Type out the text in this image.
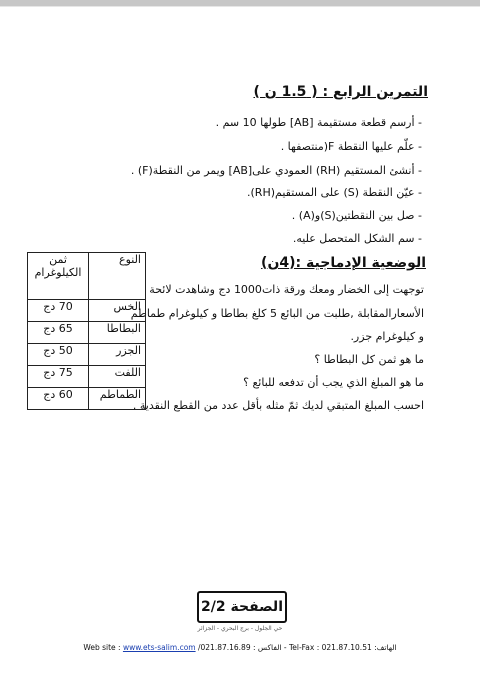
التمرين الرابع : ( 1.5 ن )
- أرسم قطعة مستقيمة [AB] طولها 10 سم .
- علّم عليها النقطة F(منتصفها .
- أنشئ المستقيم (RH) العمودي على[AB] ويمر من النقطة(F) .
- عيّن النقطة (S) على المستقيم(RH).
- صل بين النقطتين(S)و(A) .
- سم الشكل المتحصل عليه.
الوضعية الإدماجية :(4ن)
توجهت إلى الخضار ومعك ورقة ذات1000 دج وشاهدت لائحة
الأسعارالمقابلة ,طلبت من البائع 5 كلغ بطاطا و كيلوغرام طماطم
و كيلوغرام جزر.
ما هو ثمن كل البطاطا ؟
ما هو المبلغ الذي يجب أن تدفعه للبائع ؟
احسب المبلغ المتبقي لديك ثمّ مثله بأقل عدد من القطع النقدية .
النوع	ثمن الكيلوغرام
الخس	70 دج
البطاطا	65 دج
الجزر	50 دج
اللفت	75 دج
الطماطم	60 دج
الصفحة 2/2
حي الجلول - برج البحري - الجزائر
Web site : www.ets-salim.com /021.87.16.89 : الفاكس - Tel-Fax : 021.87.10.51 :الهاتف
